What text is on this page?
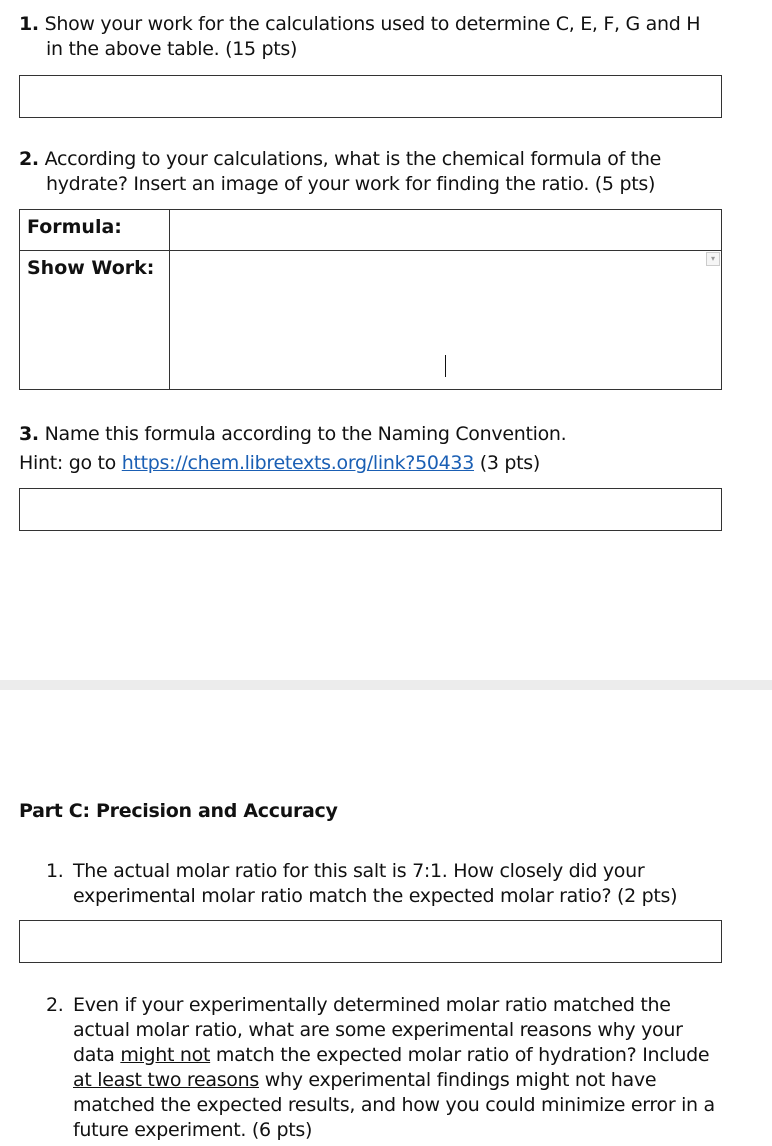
1. Show your work for the calculations used to determine C, E, F, G and H
in the above table. (15 pts)
2. According to your calculations, what is the chemical formula of the
hydrate? Insert an image of your work for finding the ratio. (5 pts)
Formula:	
Show Work:	▾
3. Name this formula according to the Naming Convention.
Hint: go to https://chem.libretexts.org/link?50433 (3 pts)
Part C: Precision and Accuracy
1. The actual molar ratio for this salt is 7:1. How closely did your
experimental molar ratio match the expected molar ratio? (2 pts)
2. Even if your experimentally determined molar ratio matched the
actual molar ratio, what are some experimental reasons why your
data might not match the expected molar ratio of hydration? Include
at least two reasons why experimental findings might not have
matched the expected results, and how you could minimize error in a
future experiment. (6 pts)
